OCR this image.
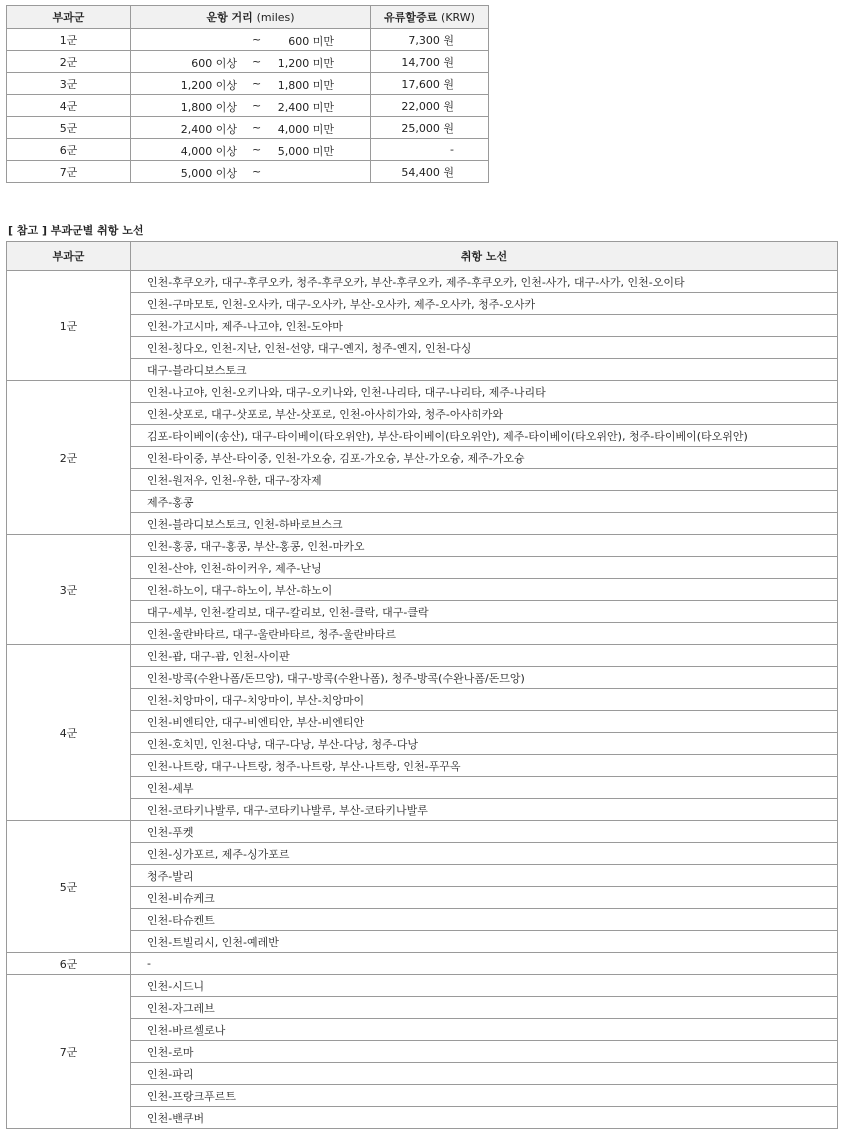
부과군	운항 거리 (miles)	유류할증료 (KRW)
1군	~ 600 미만	7,300 원
2군	600 이상 ~ 1,200 미만	14,700 원
3군	1,200 이상 ~ 1,800 미만	17,600 원
4군	1,800 이상 ~ 2,400 미만	22,000 원
5군	2,400 이상 ~ 4,000 미만	25,000 원
6군	4,000 이상 ~ 5,000 미만	-
7군	5,000 이상 ~	54,400 원
[ 참고 ] 부과군별 취항 노선
부과군	취항 노선
1군	인천-후쿠오카, 대구-후쿠오카, 청주-후쿠오카, 부산-후쿠오카, 제주-후쿠오카, 인천-사가, 대구-사가, 인천-오이타
	인천-구마모토, 인천-오사카, 대구-오사카, 부산-오사카, 제주-오사카, 청주-오사카
	인천-가고시마, 제주-나고야, 인천-도야마
	인천-칭다오, 인천-지난, 인천-선양, 대구-옌지, 청주-옌지, 인천-다싱
	대구-블라디보스토크
2군	인천-나고야, 인천-오키나와, 대구-오키나와, 인천-나리타, 대구-나리타, 제주-나리타
	인천-삿포로, 대구-삿포로, 부산-삿포로, 인천-아사히가와, 청주-아사히카와
	김포-타이베이(송산), 대구-타이베이(타오위안), 부산-타이베이(타오위안), 제주-타이베이(타오위안), 청주-타이베이(타오위안)
	인천-타이중, 부산-타이중, 인천-가오슝, 김포-가오슝, 부산-가오슝, 제주-가오슝
	인천-원저우, 인천-우한, 대구-장자제
	제주-홍콩
	인천-블라디보스토크, 인천-하바로브스크
3군	인천-홍콩, 대구-홍콩, 부산-홍콩, 인천-마카오
	인천-산야, 인천-하이커우, 제주-난닝
	인천-하노이, 대구-하노이, 부산-하노이
	대구-세부, 인천-칼리보, 대구-칼리보, 인천-클락, 대구-클락
	인천-울란바타르, 대구-울란바타르, 청주-울란바타르
4군	인천-괌, 대구-괌, 인천-사이판
	인천-방콕(수완나폼/돈므앙), 대구-방콕(수완나폼), 청주-방콕(수완나폼/돈므앙)
	인천-치앙마이, 대구-치앙마이, 부산-치앙마이
	인천-비엔티안, 대구-비엔티안, 부산-비엔티안
	인천-호치민, 인천-다낭, 대구-다낭, 부산-다낭, 청주-다낭
	인천-나트랑, 대구-나트랑, 청주-나트랑, 부산-나트랑, 인천-푸꾸옥
	인천-세부
	인천-코타키나발루, 대구-코타키나발루, 부산-코타키나발루
5군	인천-푸켓
	인천-싱가포르, 제주-싱가포르
	청주-발리
	인천-비슈케크
	인천-타슈켄트
	인천-트빌리시, 인천-예레반
6군	-
7군	인천-시드니
	인천-자그레브
	인천-바르셀로나
	인천-로마
	인천-파리
	인천-프랑크푸르트
	인천-밴쿠버
